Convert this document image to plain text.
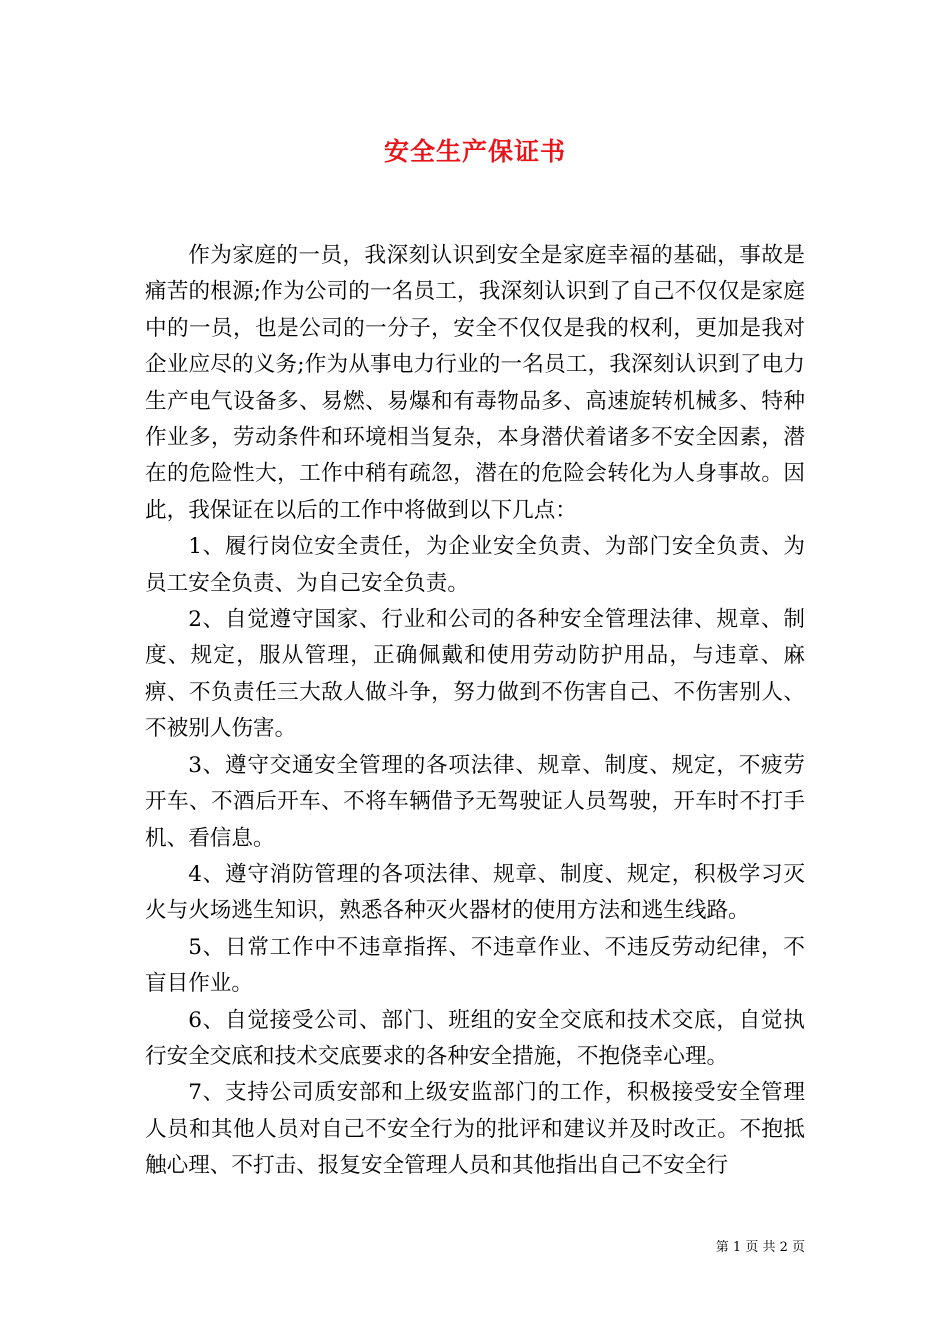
安全生产保证书

作为家庭的一员，我深刻认识到安全是家庭幸福的基础，事故是痛苦的根源;作为公司的一名员工，我深刻认识到了自己不仅仅是家庭中的一员，也是公司的一分子，安全不仅仅是我的权利，更加是我对企业应尽的义务;作为从事电力行业的一名员工，我深刻认识到了电力生产电气设备多、易燃、易爆和有毒物品多、高速旋转机械多、特种作业多，劳动条件和环境相当复杂，本身潜伏着诸多不安全因素，潜在的危险性大，工作中稍有疏忽，潜在的危险会转化为人身事故。因此，我保证在以后的工作中将做到以下几点：

1、履行岗位安全责任，为企业安全负责、为部门安全负责、为员工安全负责、为自己安全负责。

2、自觉遵守国家、行业和公司的各种安全管理法律、规章、制度、规定，服从管理，正确佩戴和使用劳动防护用品，与违章、麻痹、不负责任三大敌人做斗争，努力做到不伤害自己、不伤害别人、不被别人伤害。

3、遵守交通安全管理的各项法律、规章、制度、规定，不疲劳开车、不酒后开车、不将车辆借予无驾驶证人员驾驶，开车时不打手机、看信息。

4、遵守消防管理的各项法律、规章、制度、规定，积极学习灭火与火场逃生知识，熟悉各种灭火器材的使用方法和逃生线路。

5、日常工作中不违章指挥、不违章作业、不违反劳动纪律，不盲目作业。

6、自觉接受公司、部门、班组的安全交底和技术交底，自觉执行安全交底和技术交底要求的各种安全措施，不抱侥幸心理。

7、支持公司质安部和上级安监部门的工作，积极接受安全管理人员和其他人员对自己不安全行为的批评和建议并及时改正。不抱抵触心理、不打击、报复安全管理人员和其他指出自己不安全行

第 1 页 共 2 页
